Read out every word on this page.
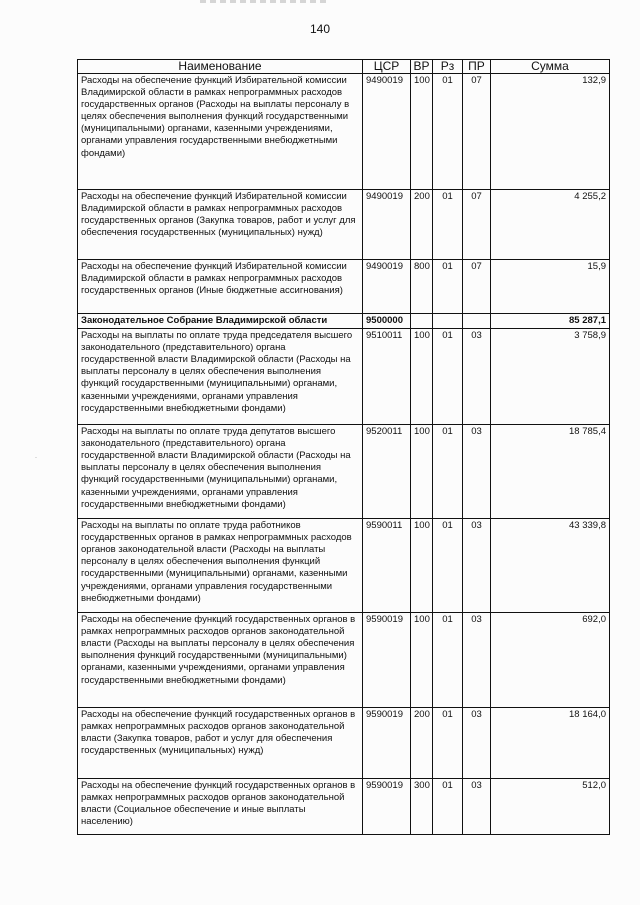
140
Наименование	ЦСР	ВР	Рз	ПР	Сумма
Расходы на обеспечение функций Избирательной комиссии Владимирской области в рамках непрограммных расходов государственных органов (Расходы на выплаты персоналу в целях обеспечения выполнения функций государственными (муниципальными) органами, казенными учреждениями, органами управления государственными внебюджетными фондами)	9490019	100	01	07	132,9
Расходы на обеспечение функций Избирательной комиссии Владимирской области в рамках непрограммных расходов государственных органов (Закупка товаров, работ и услуг для обеспечения государственных (муниципальных) нужд)	9490019	200	01	07	4 255,2
Расходы на обеспечение функций Избирательной комиссии Владимирской области в рамках непрограммных расходов государственных органов (Иные бюджетные ассигнования)	9490019	800	01	07	15,9
Законодательное Собрание Владимирской области	9500000				85 287,1
Расходы на выплаты по оплате труда председателя высшего законодательного (представительного) органа государственной власти Владимирской области (Расходы на выплаты персоналу в целях обеспечения выполнения функций государственными (муниципальными) органами, казенными учреждениями, органами управления государственными внебюджетными фондами)	9510011	100	01	03	3 758,9
Расходы на выплаты по оплате труда депутатов высшего законодательного (представительного) органа государственной власти Владимирской области (Расходы на выплаты персоналу в целях обеспечения выполнения функций государственными (муниципальными) органами, казенными учреждениями, органами управления государственными внебюджетными фондами)	9520011	100	01	03	18 785,4
Расходы на выплаты по оплате труда работников государственных органов в рамках непрограммных расходов органов законодательной власти (Расходы на выплаты персоналу в целях обеспечения выполнения функций государственными (муниципальными) органами, казенными учреждениями, органами управления государственными внебюджетными фондами)	9590011	100	01	03	43 339,8
Расходы на обеспечение функций государственных органов в рамках непрограммных расходов органов законодательной власти (Расходы на выплаты персоналу в целях обеспечения выполнения функций государственными (муниципальными) органами, казенными учреждениями, органами управления государственными внебюджетными фондами)	9590019	100	01	03	692,0
Расходы на обеспечение функций государственных органов в рамках непрограммных расходов органов законодательной власти (Закупка товаров, работ и услуг для обеспечения государственных (муниципальных) нужд)	9590019	200	01	03	18 164,0
Расходы на обеспечение функций государственных органов в рамках непрограммных расходов органов законодательной власти (Социальное обеспечение и иные выплаты населению)	9590019	300	01	03	512,0
·
